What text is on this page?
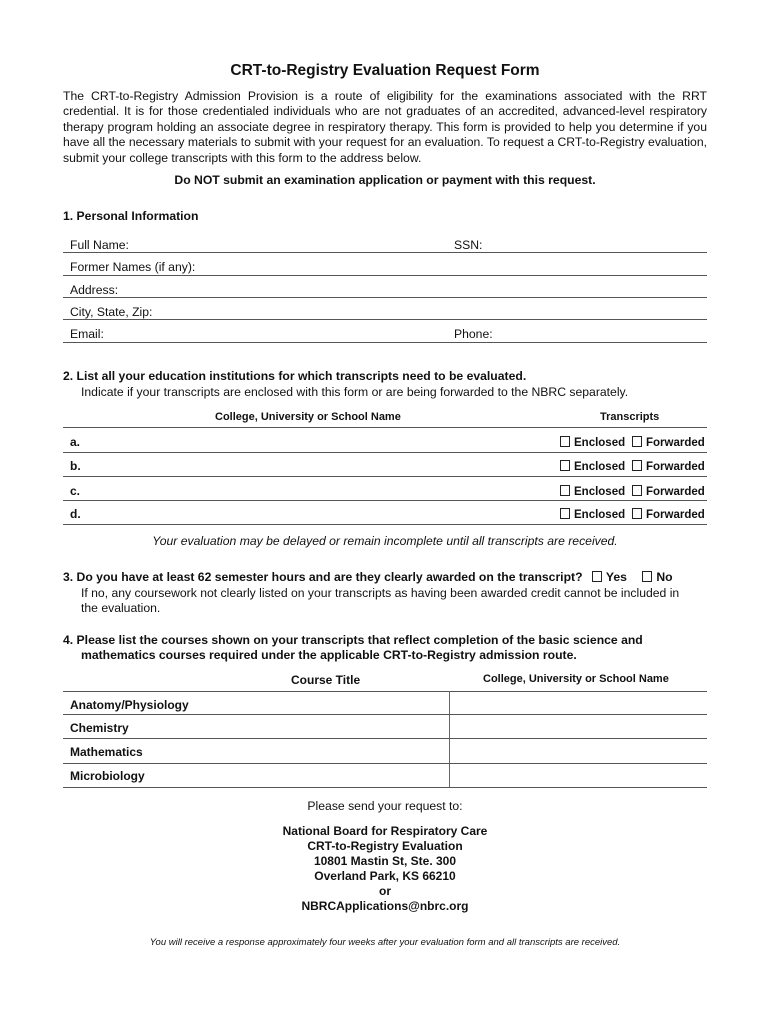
CRT-to-Registry Evaluation Request Form
The CRT-to-Registry Admission Provision is a route of eligibility for the examinations associated with the RRT credential. It is for those credentialed individuals who are not graduates of an accredited, advanced-level respiratory therapy program holding an associate degree in respiratory therapy. This form is provided to help you determine if you have all the necessary materials to submit with your request for an evaluation. To request a CRT-to-Registry evaluation, submit your college transcripts with this form to the address below.
Do NOT submit an examination application or payment with this request.
1. Personal Information
Full Name:	SSN:
Former Names (if any):
Address:
City, State, Zip:
Email:	Phone:
2. List all your education institutions for which transcripts need to be evaluated.
Indicate if your transcripts are enclosed with this form or are being forwarded to the NBRC separately.
College, University or School Name	Transcripts
a.	Enclosed	Forwarded
b.	Enclosed	Forwarded
c.	Enclosed	Forwarded
d.	Enclosed	Forwarded
Your evaluation may be delayed or remain incomplete until all transcripts are received.
3. Do you have at least 62 semester hours and are they clearly awarded on the transcript? Yes No
If no, any coursework not clearly listed on your transcripts as having been awarded credit cannot be included in
the evaluation.
4. Please list the courses shown on your transcripts that reflect completion of the basic science and
mathematics courses required under the applicable CRT-to-Registry admission route.
Course Title	College, University or School Name
Anatomy/Physiology
Chemistry
Mathematics
Microbiology
Please send your request to:
National Board for Respiratory Care
CRT-to-Registry Evaluation
10801 Mastin St, Ste. 300
Overland Park, KS 66210
or
NBRCApplications@nbrc.org
You will receive a response approximately four weeks after your evaluation form and all transcripts are received.
